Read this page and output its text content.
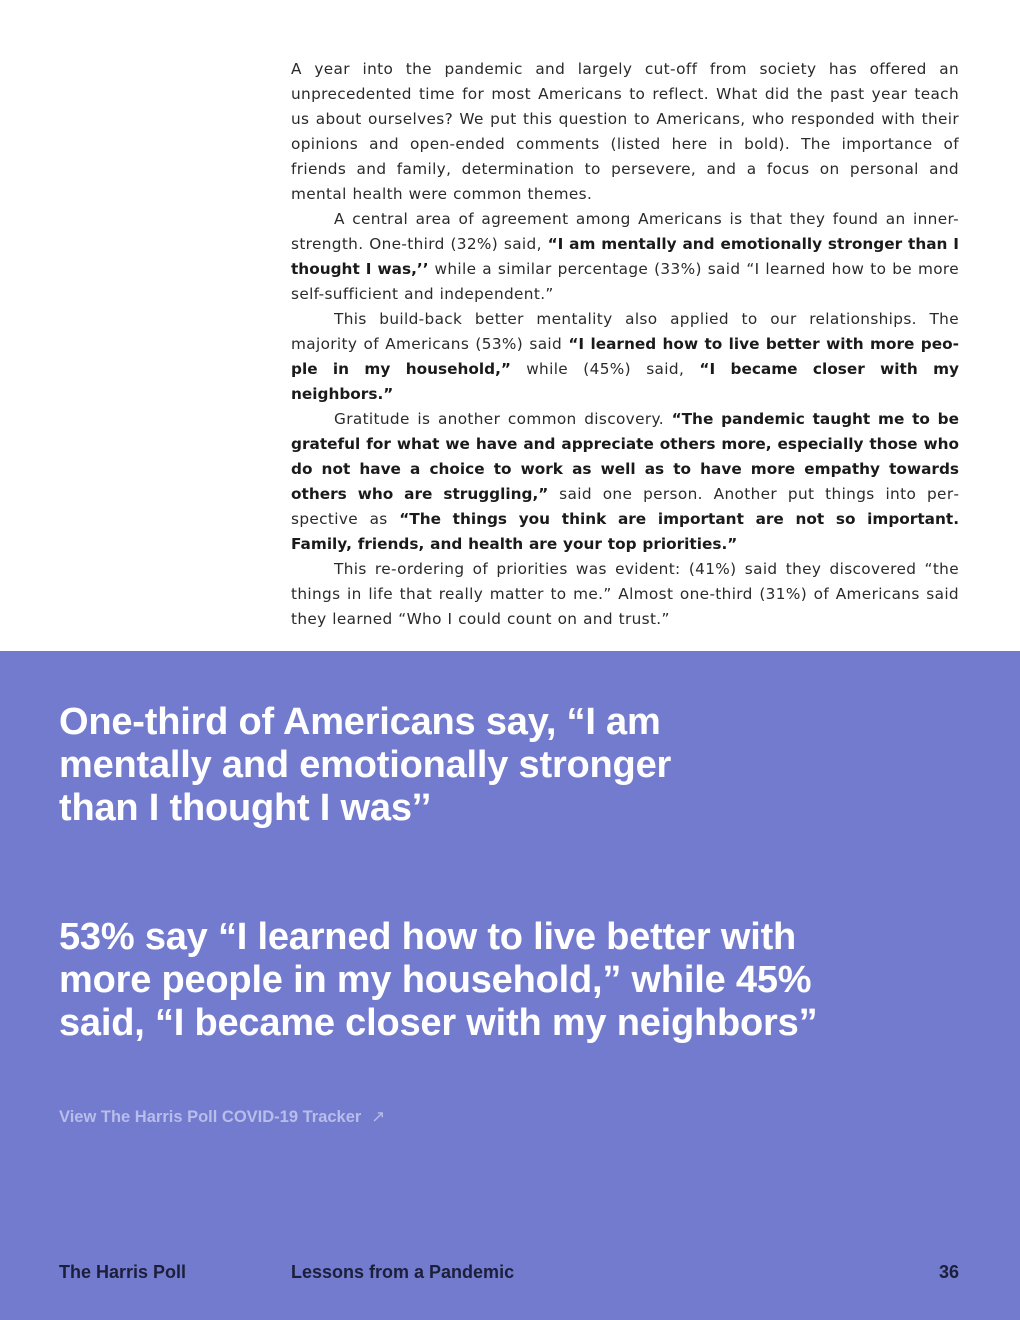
A year into the pandemic and largely cut-off from society has offered an unprecedented time for most Americans to reflect. What did the past year teach us about ourselves? We put this question to Americans, who responded with their opinions and open-ended comments (listed here in bold). The importance of friends and family, determination to persevere, and a focus on personal and mental health were common themes.

A central area of agreement among Americans is that they found an inner-strength. One-third (32%) said, “I am mentally and emotionally stronger than I thought I was,’’ while a similar percentage (33%) said “I learned how to be more self-sufficient and independent.”

This build-back better mentality also applied to our relationships. The majority of Americans (53%) said “I learned how to live better with more people in my household,” while (45%) said, “I became closer with my neighbors.”

Gratitude is another common discovery. “The pandemic taught me to be grateful for what we have and appreciate others more, especially those who do not have a choice to work as well as to have more empathy towards others who are struggling,” said one person. Another put things into perspective as “The things you think are important are not so important. Family, friends, and health are your top priorities.”

This re-ordering of priorities was evident: (41%) said they discovered “the things in life that really matter to me.” Almost one-third (31%) of Americans said they learned “Who I could count on and trust.”

One-third of Americans say, “I am mentally and emotionally stronger than I thought I was’’

53% say “I learned how to live better with more people in my household,” while 45% said, “I became closer with my neighbors”

View The Harris Poll COVID-19 Tracker ↗
The Harris Poll	Lessons from a Pandemic	36
